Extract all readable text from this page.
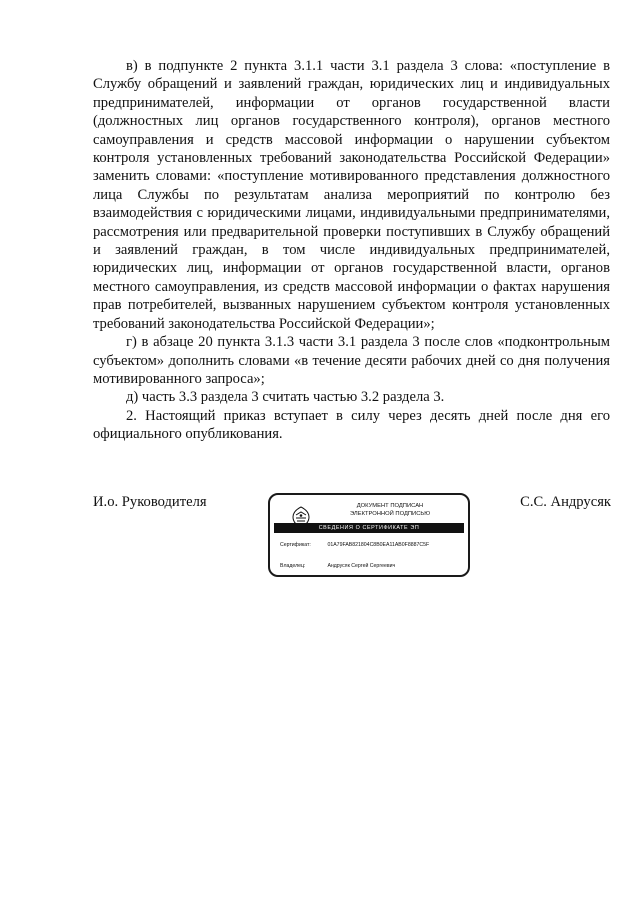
в) в подпункте 2 пункта 3.1.1 части 3.1 раздела 3 слова: «поступление в Службу обращений и заявлений граждан, юридических лиц и индивидуальных предпринимателей, информации от органов государственной власти (должностных лиц органов государственного контроля), органов местного самоуправления и средств массовой информации о нарушении субъектом контроля установленных требований законодательства Российской Федерации» заменить словами: «поступление мотивированного представления должностного лица Службы по результатам анализа мероприятий по контролю без взаимодействия с юридическими лицами, индивидуальными предпринимателями, рассмотрения или предварительной проверки поступивших в Службу обращений и заявлений граждан, в том числе индивидуальных предпринимателей, юридических лиц, информации от органов государственной власти, органов местного самоуправления, из средств массовой информации о фактах нарушения прав потребителей, вызванных нарушением субъектом контроля установленных требований законодательства Российской Федерации»;

г) в абзаце 20 пункта 3.1.3 части 3.1 раздела 3 после слов «подконтрольным субъектом» дополнить словами «в течение десяти рабочих дней со дня получения мотивированного запроса»;

д) часть 3.3 раздела 3 считать частью 3.2 раздела 3.

2. Настоящий приказ вступает в силу через десять дней после дня его официального опубликования.

И.о. Руководителя	ДОКУМЕНТ ПОДПИСАН
ЭЛЕКТРОННОЙ ПОДПИСЬЮ
СВЕДЕНИЯ О СЕРТИФИКАТЕ ЭП
Сертификат:	01A79FAB821804C8B0EA11AB0F8887C5F
Владелец:	Андрусяк Сергей Сергеевич
С.С. Андрусяк
